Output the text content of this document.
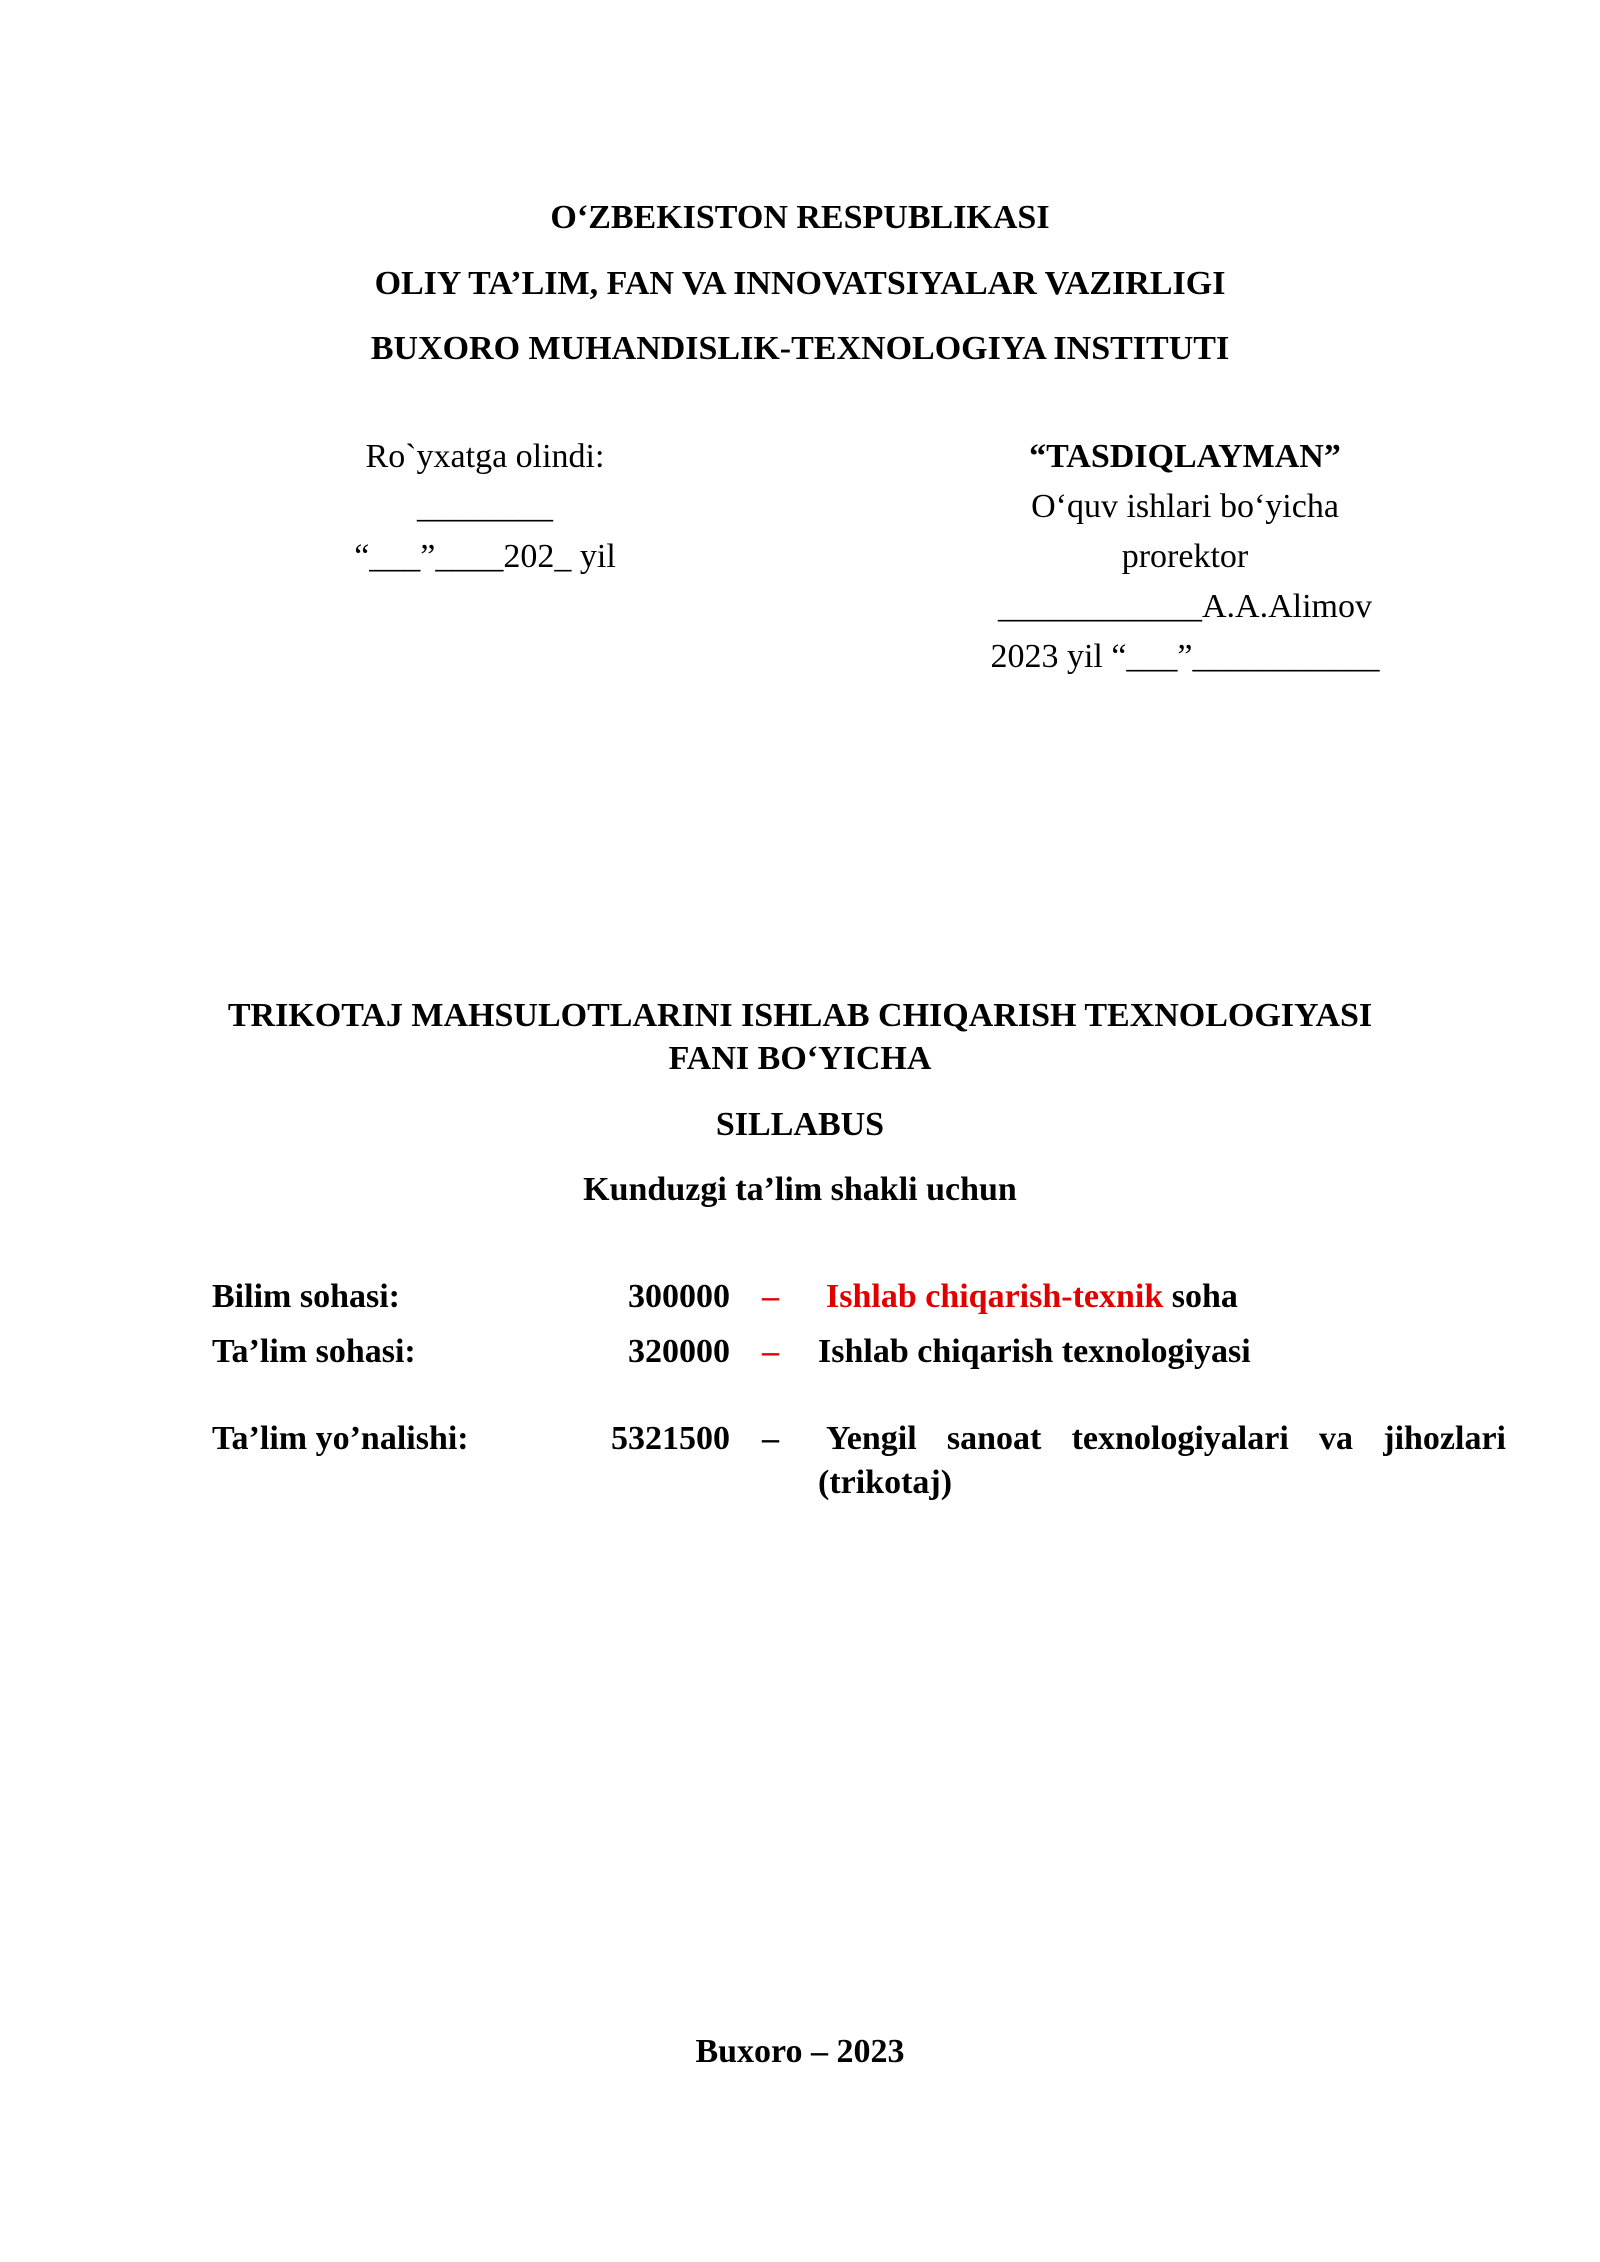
O‘ZBEKISTON RESPUBLIKASI
OLIY TA’LIM, FAN VA INNOVATSIYALAR VAZIRLIGI
BUXORO MUHANDISLIK-TEXNOLOGIYA INSTITUTI
Ro`yxatga olindi:
________
“___”____202_ yil
“TASDIQLAYMAN”
O‘quv ishlari bo‘yicha
prorektor
____________A.A.Alimov
2023 yil “___”___________
TRIKOTAJ MAHSULOTLARINI ISHLAB CHIQARISH TEXNOLOGIYASI
FANI BO‘YICHA
SILLABUS
Kunduzgi ta’lim shakli uchun
Bilim sohasi:	300000 –	Ishlab chiqarish-texnik soha
Ta’lim sohasi:	320000 –	Ishlab chiqarish texnologiyasi
Ta’lim yo’nalishi:	5321500 –	Yengil sanoat texnologiyalari va jihozlari
(trikotaj)
Buxoro – 2023
